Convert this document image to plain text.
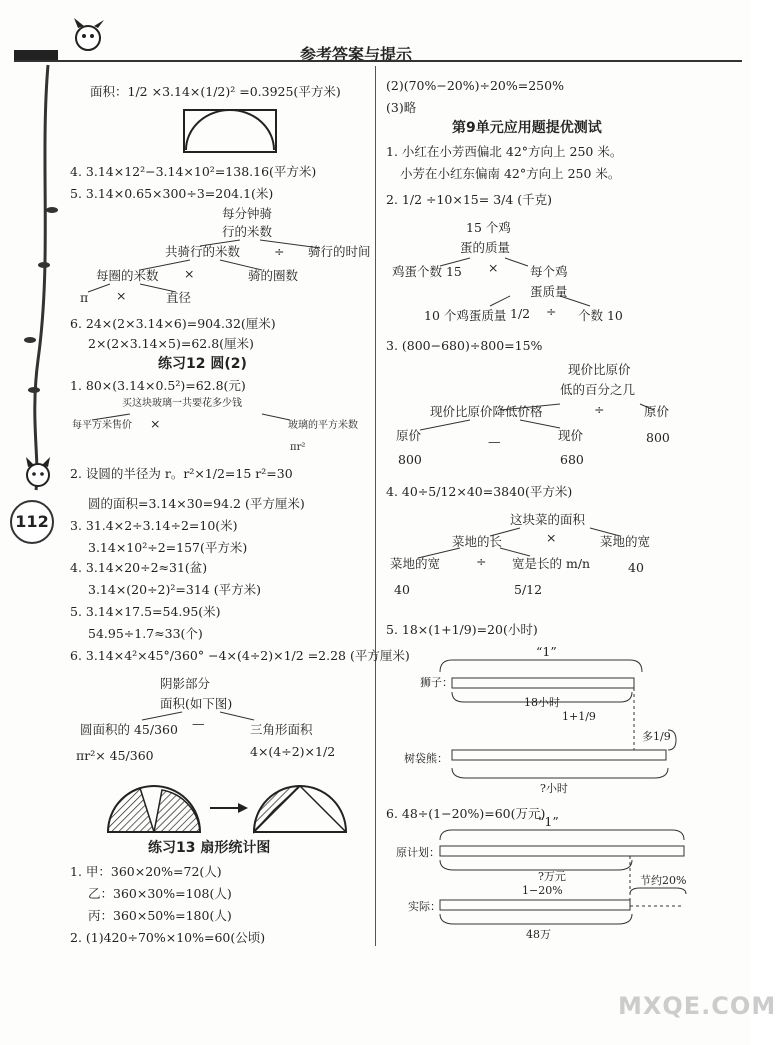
参考答案与提示
112
面积：1/2 ×3.14×(1/2)² =0.3925(平方米)
4. 3.14×12²−3.14×10²=138.16(平方米)
5. 3.14×0.65×300÷3=204.1(米)
每分钟骑
行的米数
共骑行的米数	÷ 骑行的时间
每圈的米数 ×	骑的圈数
π ×	直径
6. 24×(2×3.14×6)=904.32(厘米)
2×(2×3.14×5)=62.8(厘米)
练习12 圆(2)
1. 80×(3.14×0.5²)=62.8(元)
买这块玻璃一共要花多少钱
每平方米售价 ×	玻璃的平方米数
πr²
2. 设圆的半径为 r。r²×1/2=15 r²=30
圆的面积=3.14×30=94.2 (平方厘米)
3. 31.4×2÷3.14÷2=10(米)
3.14×10²÷2=157(平方米)
4. 3.14×20÷2≈31(盆)
3.14×(20÷2)²=314 (平方米)
5. 3.14×17.5=54.95(米)
54.95÷1.7≈33(个)
6. 3.14×4²×45°/360° −4×(4÷2)×1/2 =2.28 (平方厘米)
阴影部分
面积(如下图)
—
圆面积的 45/360	三角形面积
πr²× 45/360	4×(4÷2)×1/2
练习13 扇形统计图
1. 甲：360×20%=72(人)
乙：360×30%=108(人)
丙：360×50%=180(人)
2. (1)420÷70%×10%=60(公顷)
(2)(70%−20%)÷20%=250%
(3)略
第9单元应用题提优测试
1. 小红在小芳西偏北 42°方向上 250 米。
小芳在小红东偏南 42°方向上 250 米。
2. 1/2 ÷10×15= 3/4 (千克)
15 个鸡
蛋的质量
鸡蛋个数 15 ×	每个鸡
蛋质量
10 个鸡蛋质量 1/2 ÷ 个数 10
3. (800−680)÷800=15%
现价比原价
低的百分之几
现价比原价降低价格	÷	原价
800
原价	—	现价
800	680
4. 40÷5/12×40=3840(平方米)
这块菜的面积
菜地的长	×	菜地的宽
40
菜地的宽	÷ 宽是长的 m/n
40	5/12
5. 18×(1+1/9)=20(小时)
“1”
狮子：
18小时
1+1/9
多1/9
树袋熊：
?小时
6. 48÷(1−20%)=60(万元)
“1”
原计划：
?万元
1−20%
节约20%
实际：
48万
MXQE.COM
